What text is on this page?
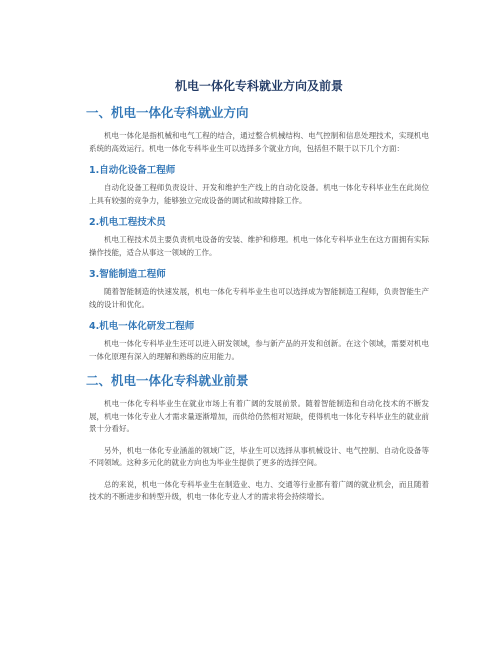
机电一体化专科就业方向及前景
一、机电一体化专科就业方向

机电一体化是指机械和电气工程的结合，通过整合机械结构、电气控制和信息处理技术，实现机电系统的高效运行。机电一体化专科毕业生可以选择多个就业方向，包括但不限于以下几个方面：

1.自动化设备工程师

自动化设备工程师负责设计、开发和维护生产线上的自动化设备。机电一体化专科毕业生在此岗位上具有较强的竞争力，能够独立完成设备的调试和故障排除工作。

2.机电工程技术员

机电工程技术员主要负责机电设备的安装、维护和修理。机电一体化专科毕业生在这方面拥有实际操作技能，适合从事这一领域的工作。

3.智能制造工程师

随着智能制造的快速发展，机电一体化专科毕业生也可以选择成为智能制造工程师，负责智能生产线的设计和优化。

4.机电一体化研发工程师

机电一体化专科毕业生还可以进入研发领域，参与新产品的开发和创新。在这个领域，需要对机电一体化原理有深入的理解和熟练的应用能力。

二、机电一体化专科就业前景

机电一体化专科毕业生在就业市场上有着广阔的发展前景。随着智能制造和自动化技术的不断发展，机电一体化专业人才需求量逐渐增加，而供给仍然相对短缺，使得机电一体化专科毕业生的就业前景十分看好。

另外，机电一体化专业涵盖的领域广泛，毕业生可以选择从事机械设计、电气控制、自动化设备等不同领域。这种多元化的就业方向也为毕业生提供了更多的选择空间。

总的来说，机电一体化专科毕业生在制造业、电力、交通等行业都有着广阔的就业机会，而且随着技术的不断进步和转型升级，机电一体化专业人才的需求将会持续增长。
